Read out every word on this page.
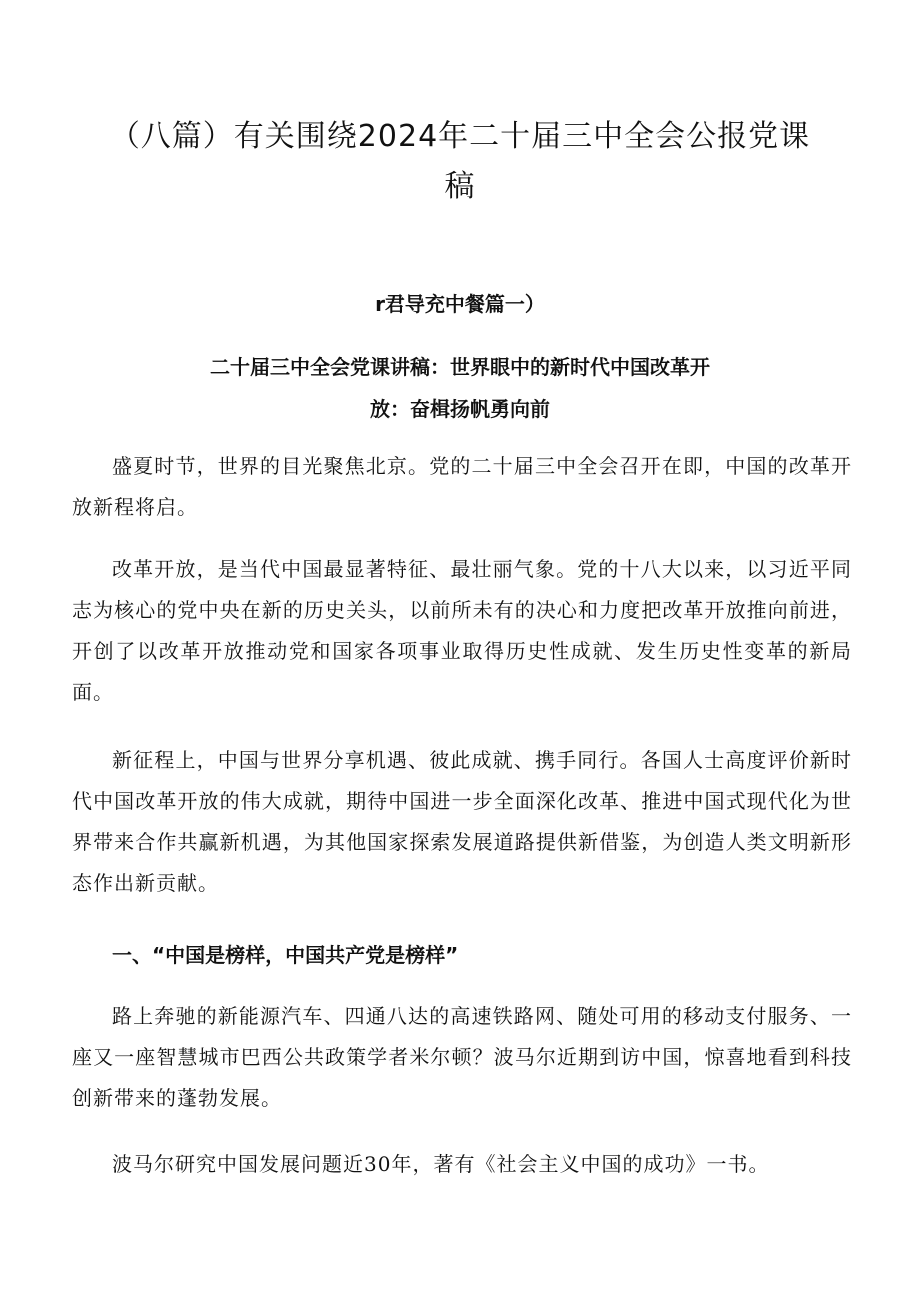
（八篇）有关围绕2024年二十届三中全会公报党课
稿
r君导充中餐篇一）
二十届三中全会党课讲稿：世界眼中的新时代中国改革开
放：奋楫扬帆勇向前

盛夏时节，世界的目光聚焦北京。党的二十届三中全会召开在即，中国的改革开放新程将启。

改革开放，是当代中国最显著特征、最壮丽气象。党的十八大以来，以习近平同志为核心的党中央在新的历史关头，以前所未有的决心和力度把改革开放推向前进，开创了以改革开放推动党和国家各项事业取得历史性成就、发生历史性变革的新局面。

新征程上，中国与世界分享机遇、彼此成就、携手同行。各国人士高度评价新时代中国改革开放的伟大成就，期待中国进一步全面深化改革、推进中国式现代化为世界带来合作共赢新机遇，为其他国家探索发展道路提供新借鉴，为创造人类文明新形态作出新贡献。

一、“中国是榜样，中国共产党是榜样”

路上奔驰的新能源汽车、四通八达的高速铁路网、随处可用的移动支付服务、一座又一座智慧城市巴西公共政策学者米尔顿？波马尔近期到访中国，惊喜地看到科技创新带来的蓬勃发展。

波马尔研究中国发展问题近30年，著有《社会主义中国的成功》一书。
